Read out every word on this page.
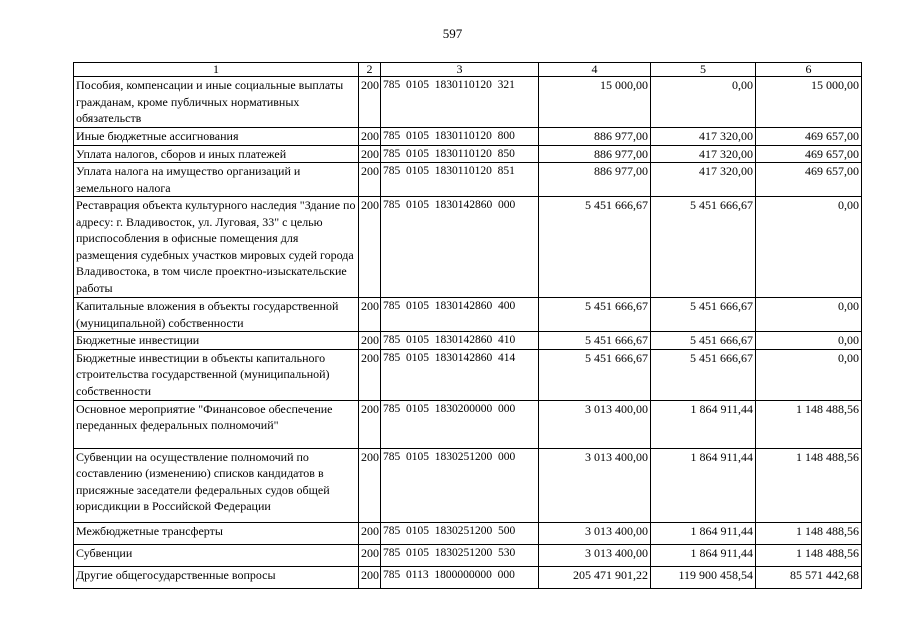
597
1	2	3	4	5	6
Пособия, компенсации и иные социальные выплаты гражданам, кроме публичных нормативных обязательств	200	785  0105  1830110120  321	15 000,00	0,00	15 000,00
Иные бюджетные ассигнования	200	785  0105  1830110120  800	886 977,00	417 320,00	469 657,00
Уплата налогов, сборов и иных платежей	200	785  0105  1830110120  850	886 977,00	417 320,00	469 657,00
Уплата налога на имущество организаций и земельного налога	200	785  0105  1830110120  851	886 977,00	417 320,00	469 657,00
Реставрация объекта культурного наследия "Здание по адресу: г. Владивосток, ул. Луговая, 33" с целью приспособления в офисные помещения для размещения судебных участков мировых судей города Владивостока, в том числе проектно-изыскательские работы	200	785  0105  1830142860  000	5 451 666,67	5 451 666,67	0,00
Капитальные вложения в объекты государственной (муниципальной) собственности	200	785  0105  1830142860  400	5 451 666,67	5 451 666,67	0,00
Бюджетные инвестиции	200	785  0105  1830142860  410	5 451 666,67	5 451 666,67	0,00
Бюджетные инвестиции в объекты капитального строительства государственной (муниципальной) собственности	200	785  0105  1830142860  414	5 451 666,67	5 451 666,67	0,00
Основное мероприятие "Финансовое обеспечение переданных федеральных полномочий"	200	785  0105  1830200000  000	3 013 400,00	1 864 911,44	1 148 488,56
Субвенции на осуществление полномочий по составлению (изменению) списков кандидатов в присяжные заседатели федеральных судов общей юрисдикции в Российской Федерации	200	785  0105  1830251200  000	3 013 400,00	1 864 911,44	1 148 488,56
Межбюджетные трансферты	200	785  0105  1830251200  500	3 013 400,00	1 864 911,44	1 148 488,56
Субвенции	200	785  0105  1830251200  530	3 013 400,00	1 864 911,44	1 148 488,56
Другие общегосударственные вопросы	200	785  0113  1800000000  000	205 471 901,22	119 900 458,54	85 571 442,68
